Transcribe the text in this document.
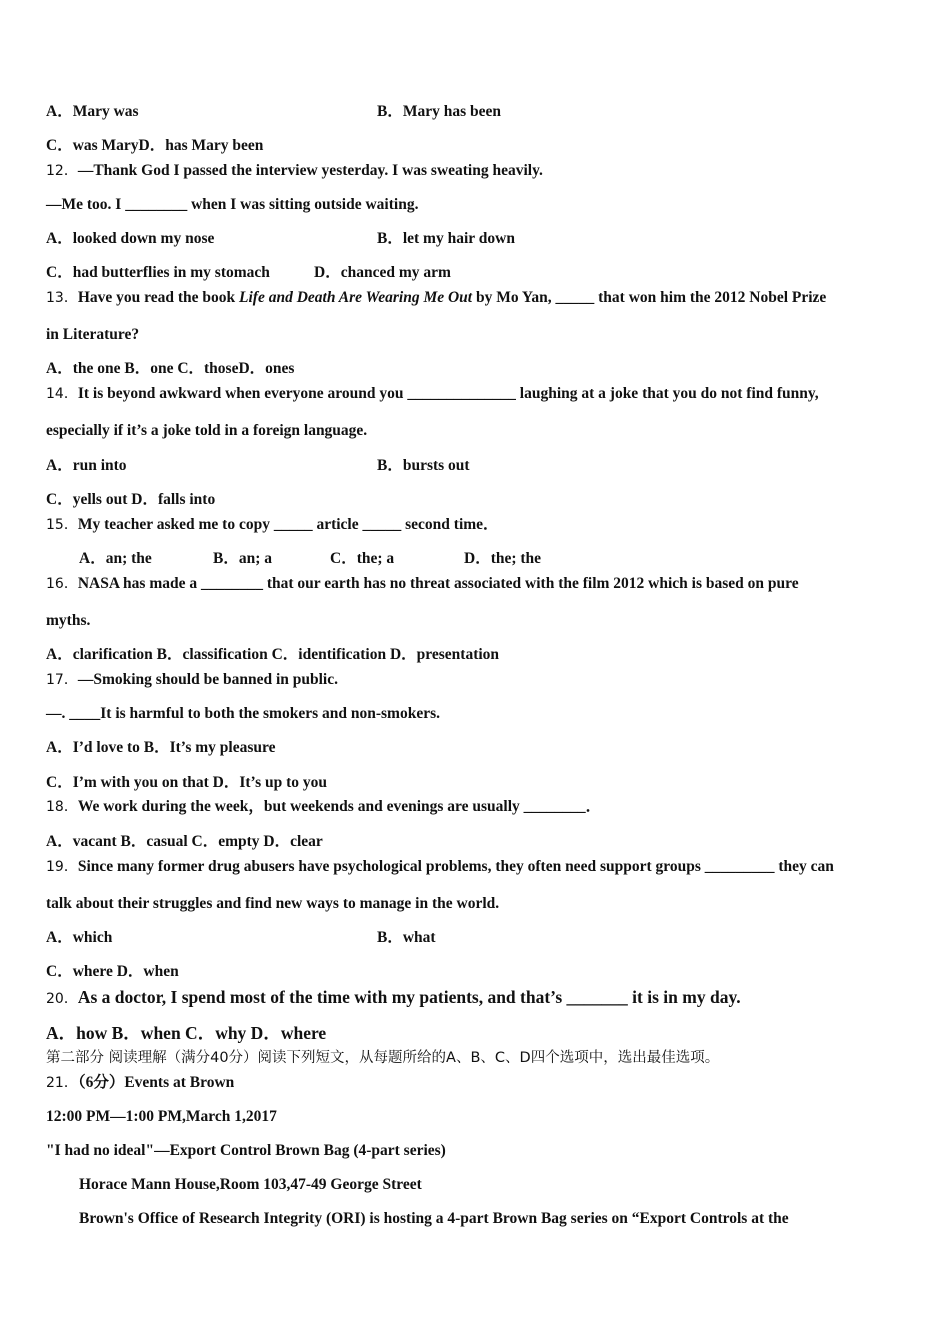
A．Mary was	B．Mary has been
C．was MaryD．has Mary been
12．—Thank God I passed the interview yesterday. I was sweating heavily.
—Me too. I ________ when I was sitting outside waiting.
A．looked down my nose	B．let my hair down
C．had butterflies in my stomach	D．chanced my arm
13．Have you read the book Life and Death Are Wearing Me Out by Mo Yan, _____ that won him the 2012 Nobel Prize
in Literature?
A．the one B．one C．thoseD．ones
14．It is beyond awkward when everyone around you ______________ laughing at a joke that you do not find funny,
especially if it’s a joke told in a foreign language.
A．run into	B．bursts out
C．yells out D．falls into
15．My teacher asked me to copy _____ article _____ second time．
A．an; the	B．an; a	C．the; a	D．the; the
16．NASA has made a ________ that our earth has no threat associated with the film 2012 which is based on pure
myths.
A．clarification B．classification C．identification D．presentation
17．—Smoking should be banned in public.
—. ____It is harmful to both the smokers and non-smokers.
A．I’d love to B．It’s my pleasure
C．I’m with you on that D．It’s up to you
18．We work during the week，but weekends and evenings are usually ________．
A．vacant B．casual C．empty D．clear
19．Since many former drug abusers have psychological problems, they often need support groups _________ they can
talk about their struggles and find new ways to manage in the world.
A．which	B．what
C．where D．when
20．As a doctor, I spend most of the time with my patients, and that’s _______ it is in my day.
A．how B．when C．why D．where
第二部分 阅读理解（满分40分）阅读下列短文，从每题所给的A、B、C、D四个选项中，选出最佳选项。
21．（6分）Events at Brown
12:00 PM—1:00 PM,March 1,2017
"I had no ideal"—Export Control Brown Bag (4-part series)
Horace Mann House,Room 103,47-49 George Street
Brown's Office of Research Integrity (ORI) is hosting a 4-part Brown Bag series on “Export Controls at the
